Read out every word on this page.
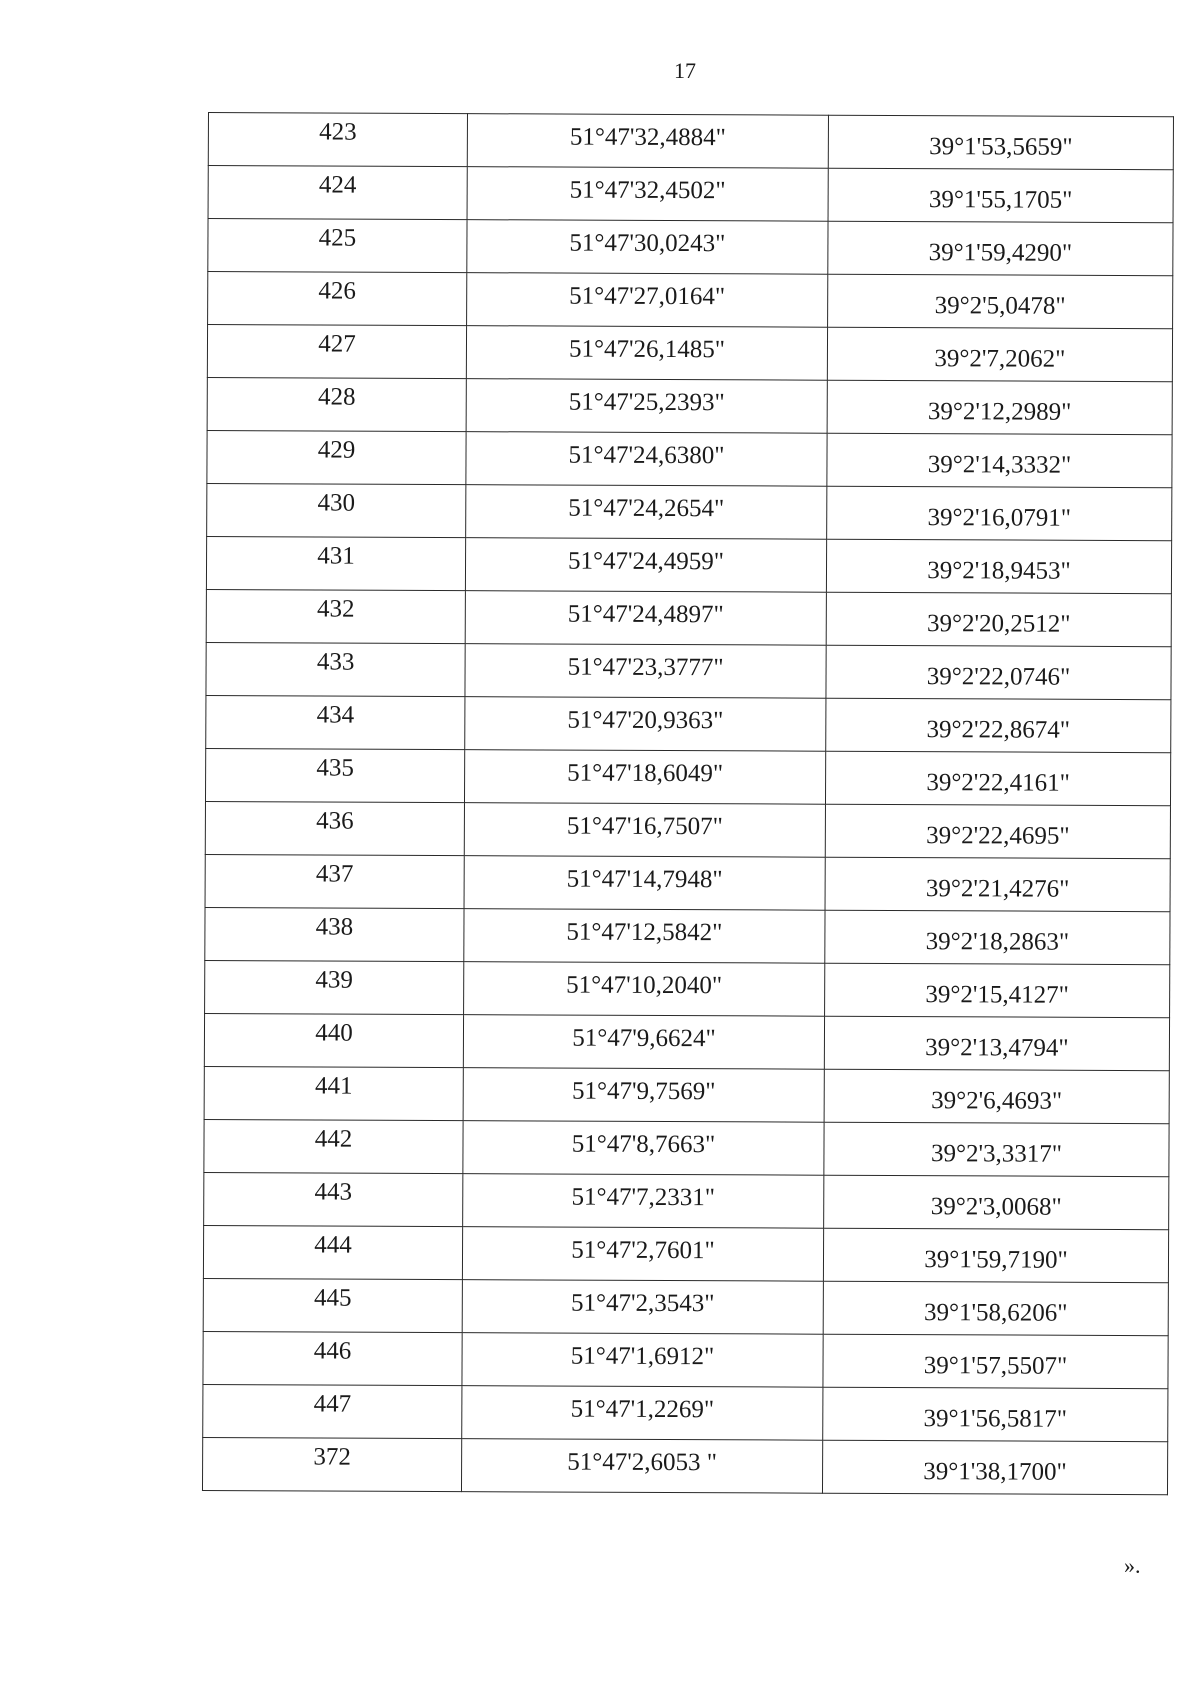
17
423	51°47'32,4884"	39°1'53,5659"
424	51°47'32,4502"	39°1'55,1705"
425	51°47'30,0243"	39°1'59,4290"
426	51°47'27,0164"	39°2'5,0478"
427	51°47'26,1485"	39°2'7,2062"
428	51°47'25,2393"	39°2'12,2989"
429	51°47'24,6380"	39°2'14,3332"
430	51°47'24,2654"	39°2'16,0791"
431	51°47'24,4959"	39°2'18,9453"
432	51°47'24,4897"	39°2'20,2512"
433	51°47'23,3777"	39°2'22,0746"
434	51°47'20,9363"	39°2'22,8674"
435	51°47'18,6049"	39°2'22,4161"
436	51°47'16,7507"	39°2'22,4695"
437	51°47'14,7948"	39°2'21,4276"
438	51°47'12,5842"	39°2'18,2863"
439	51°47'10,2040"	39°2'15,4127"
440	51°47'9,6624"	39°2'13,4794"
441	51°47'9,7569"	39°2'6,4693"
442	51°47'8,7663"	39°2'3,3317"
443	51°47'7,2331"	39°2'3,0068"
444	51°47'2,7601"	39°1'59,7190"
445	51°47'2,3543"	39°1'58,6206"
446	51°47'1,6912"	39°1'57,5507"
447	51°47'1,2269"	39°1'56,5817"
372	51°47'2,6053 "	39°1'38,1700"
».
